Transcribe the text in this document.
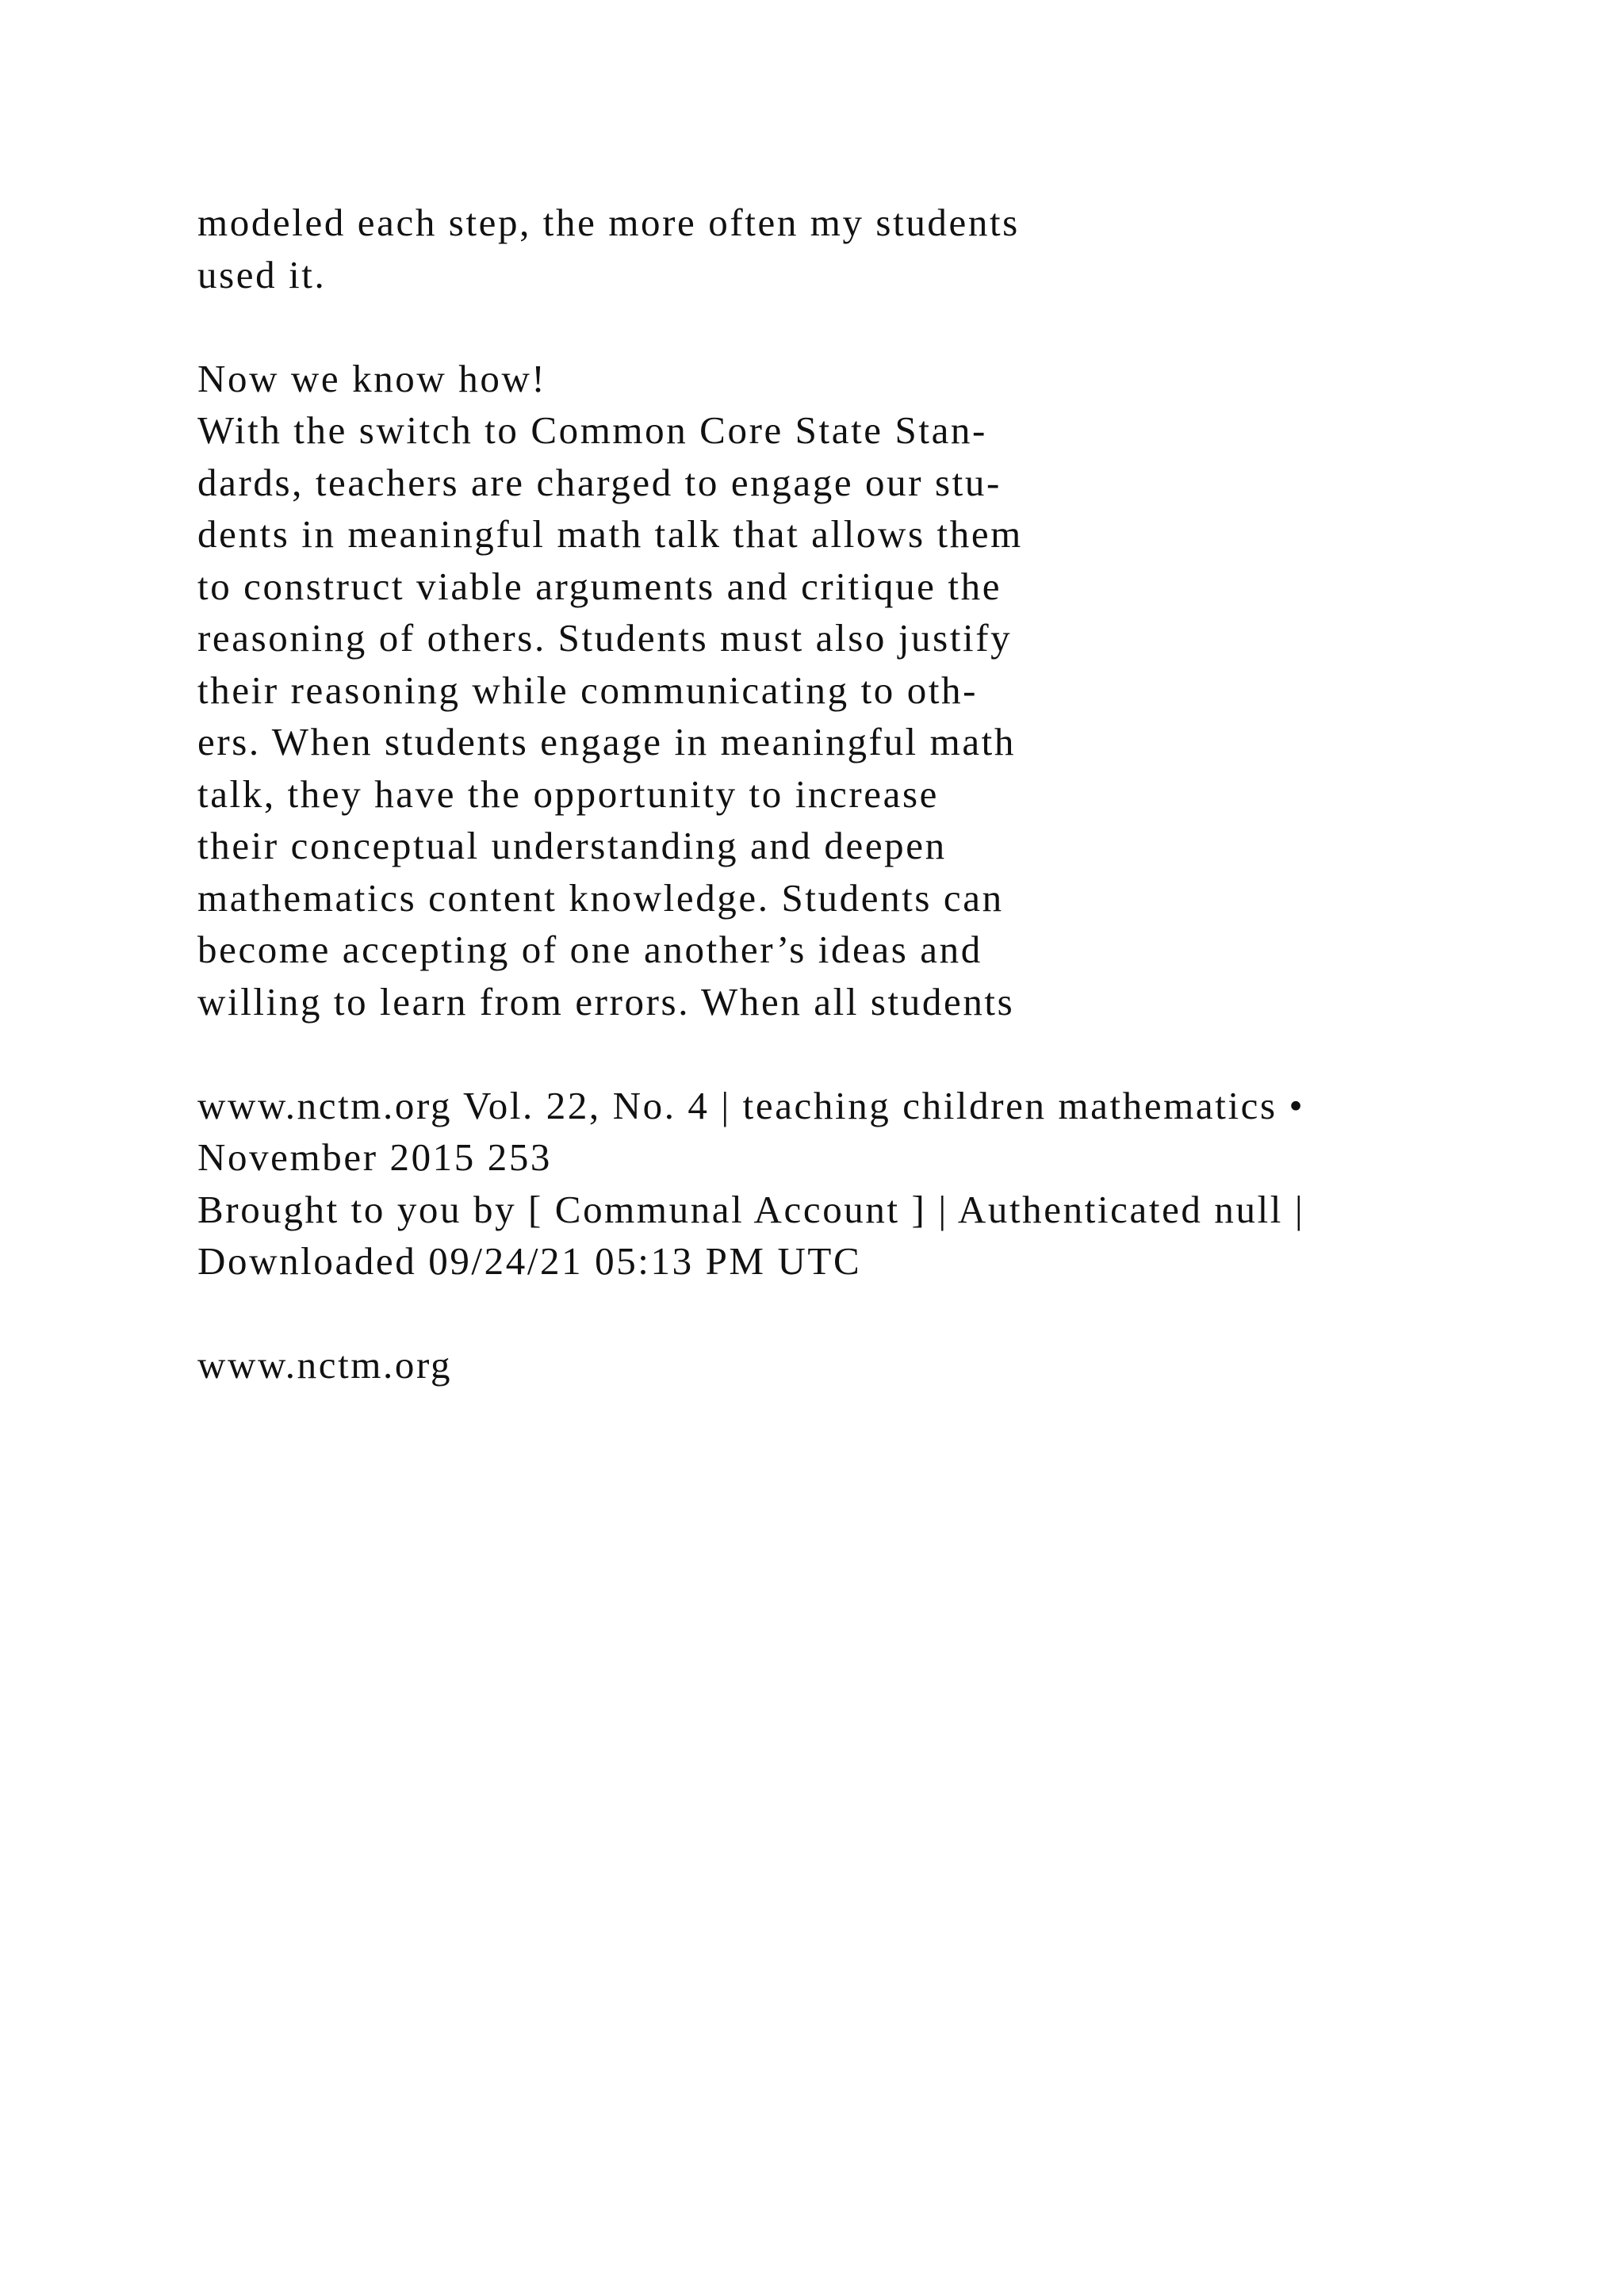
modeled each step, the more often my students
used it.
Now we know how!
With the switch to Common Core State Stan-
dards, teachers are charged to engage our stu-
dents in meaningful math talk that allows them
to construct viable arguments and critique the
reasoning of others. Students must also justify
their reasoning while communicating to oth-
ers. When students engage in meaningful math
talk, they have the opportunity to increase
their conceptual understanding and deepen
mathematics content knowledge. Students can
become accepting of one another’s ideas and
willing to learn from errors. When all students
www.nctm.org Vol. 22, No. 4 | teaching children mathematics •
November 2015 253
Brought to you by [ Communal Account ] | Authenticated null |
Downloaded 09/24/21 05:13 PM UTC
www.nctm.org
